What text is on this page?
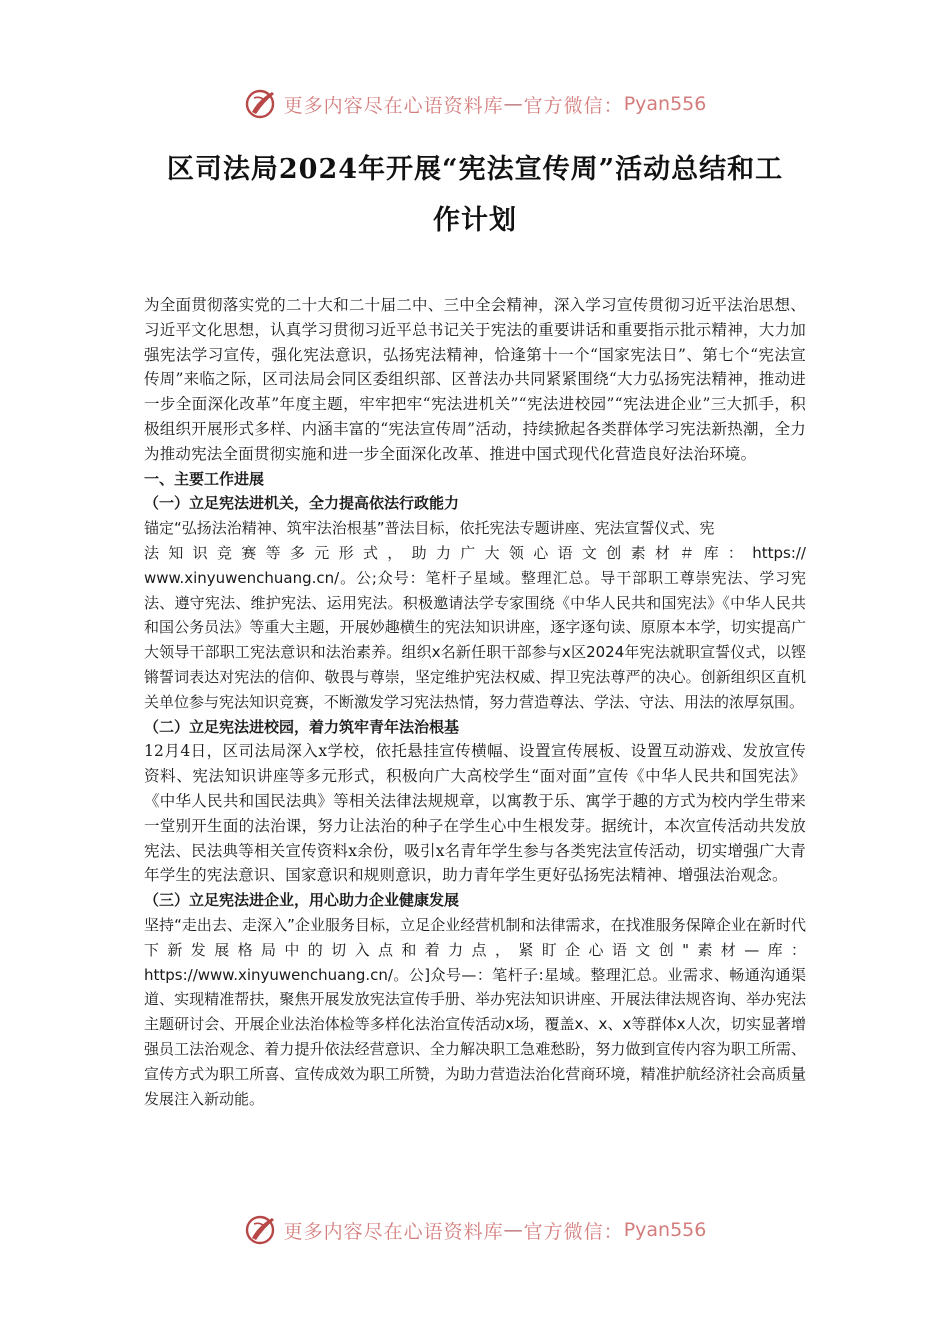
更多内容尽在心语资料库 — 官方微信： Pyan556
区司法局2024年开展“宪法宣传周”活动总结和工
作计划

为全面贯彻落实党的二十大和二十届二中、三中全会精神，深入学习宣传贯彻习近平法治思想、习近平文化思想，认真学习贯彻习近平总书记关于宪法的重要讲话和重要指示批示精神，大力加强宪法学习宣传，强化宪法意识，弘扬宪法精神，恰逢第十一个“国家宪法日”、第七个“宪法宣传周”来临之际，区司法局会同区委组织部、区普法办共同紧紧围绕“大力弘扬宪法精神，推动进一步全面深化改革”年度主题，牢牢把牢“宪法进机关”“宪法进校园”“宪法进企业”三大抓手，积极组织开展形式多样、内涵丰富的“宪法宣传周”活动，持续掀起各类群体学习宪法新热潮，全力为推动宪法全面贯彻实施和进一步全面深化改革、推进中国式现代化营造良好法治环境。

一、主要工作进展

（一）立足宪法进机关，全力提高依法行政能力

锚定“弘扬法治精神、筑牢法治根基”普法目标，依托宪法专题讲座、宪法宣誓仪式、宪

法知识竞赛等多元形式，助力广大领心语文创素材＃库：https://

www.xinyuwenchuang.cn/。公;众号：笔杆子星域。整理汇总。导干部职工尊崇宪法、学习宪法、遵守宪法、维护宪法、运用宪法。积极邀请法学专家围绕《中华人民共和国宪法》《中华人民共和国公务员法》等重大主题，开展妙趣横生的宪法知识讲座，逐字逐句读、原原本本学，切实提高广大领导干部职工宪法意识和法治素养。组织x名新任职干部参与x区2024年宪法就职宣誓仪式，以铿锵誓词表达对宪法的信仰、敬畏与尊崇，坚定维护宪法权威、捍卫宪法尊严的决心。创新组织区直机关单位参与宪法知识竞赛，不断激发学习宪法热情，努力营造尊法、学法、守法、用法的浓厚氛围。

（二）立足宪法进校园，着力筑牢青年法治根基

12月4日，区司法局深入x学校，依托悬挂宣传横幅、设置宣传展板、设置互动游戏、发放宣传资料、宪法知识讲座等多元形式，积极向广大高校学生“面对面”宣传《中华人民共和国宪法》《中华人民共和国民法典》等相关法律法规规章，以寓教于乐、寓学于趣的方式为校内学生带来一堂别开生面的法治课，努力让法治的种子在学生心中生根发芽。据统计，本次宣传活动共发放宪法、民法典等相关宣传资料x余份，吸引x名青年学生参与各类宪法宣传活动，切实增强广大青年学生的宪法意识、国家意识和规则意识，助力青年学生更好弘扬宪法精神、增强法治观念。

（三）立足宪法进企业，用心助力企业健康发展

坚持“走出去、走深入”企业服务目标，立足企业经营机制和法律需求，在找准服务保障企业在新时代下新发展格局中的切入点和着力点，紧盯企心语文创"素材—库：https://www.xinyuwenchuang.cn/。公]众号—：笔杆子:星域。整理汇总。业需求、畅通沟通渠道、实现精准帮扶，聚焦开展发放宪法宣传手册、举办宪法知识讲座、开展法律法规咨询、举办宪法主题研讨会、开展企业法治体检等多样化法治宣传活动x场，覆盖x、x、x等群体x人次，切实显著增强员工法治观念、着力提升依法经营意识、全力解决职工急难愁盼，努力做到宣传内容为职工所需、宣传方式为职工所喜、宣传成效为职工所赞，为助力营造法治化营商环境，精准护航经济社会高质量发展注入新动能。

更多内容尽在心语资料库 — 官方微信： Pyan556
